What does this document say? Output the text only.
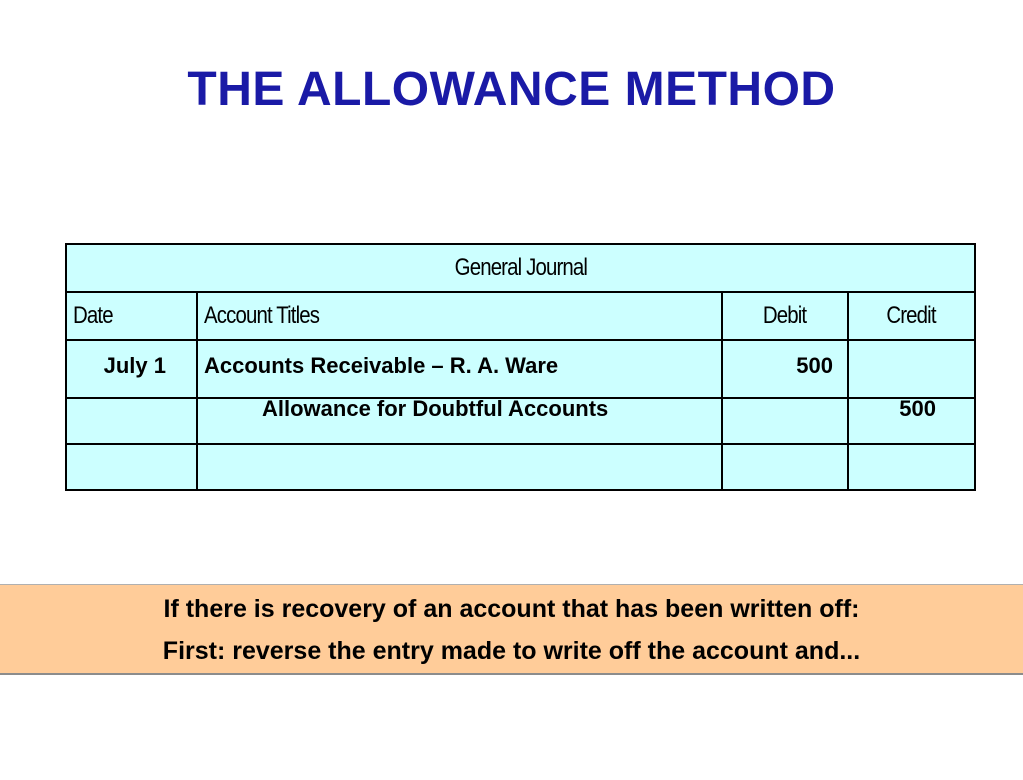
THE ALLOWANCE METHOD
General Journal			
Date	Account Titles	Debit	Credit
July 1	Accounts Receivable – R. A. Ware	500	

	Allowance for Doubtful Accounts		500

If there is recovery of an account that has been written off:
First: reverse the entry made to write off the account and...
